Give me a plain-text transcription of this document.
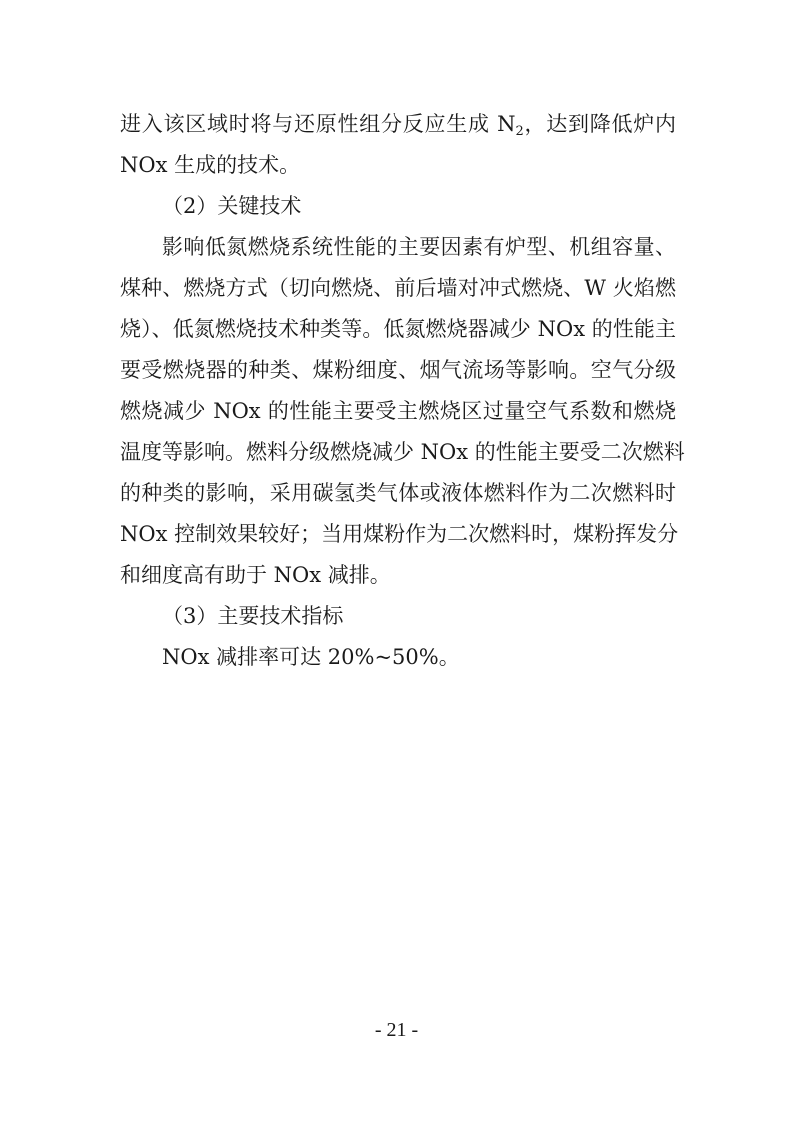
进入该区域时将与还原性组分反应生成 $N_2$，达到降低炉内
NOx 生成的技术。
（2）关键技术
影响低氮燃烧系统性能的主要因素有炉型、机组容量、
煤种、燃烧方式（切向燃烧、前后墙对冲式燃烧、W 火焰燃
烧）、低氮燃烧技术种类等。低氮燃烧器减少 NOx 的性能主
要受燃烧器的种类、煤粉细度、烟气流场等影响。空气分级
燃烧减少 NOx 的性能主要受主燃烧区过量空气系数和燃烧
温度等影响。燃料分级燃烧减少 NOx 的性能主要受二次燃料
的种类的影响，采用碳氢类气体或液体燃料作为二次燃料时
NOx 控制效果较好；当用煤粉作为二次燃料时，煤粉挥发分
和细度高有助于 NOx 减排。
（3）主要技术指标
NOx 减排率可达 20%~50%。
- 21 -
